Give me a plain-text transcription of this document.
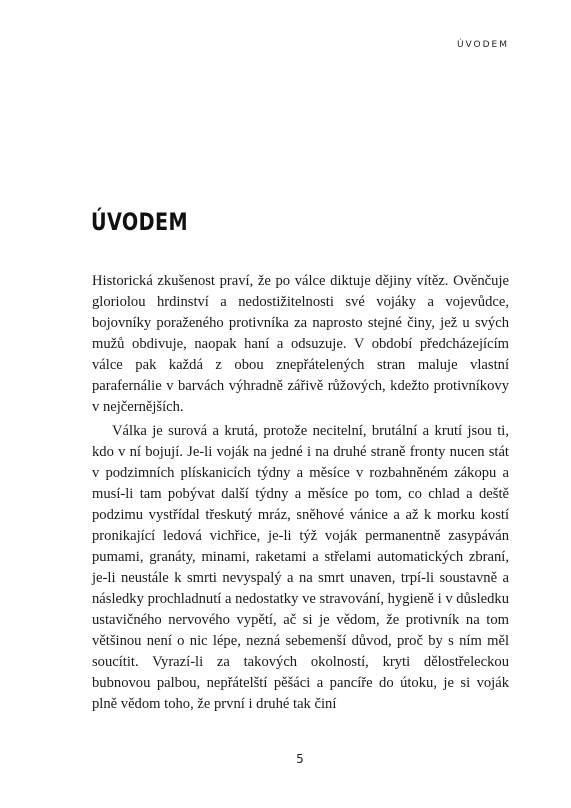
ÚVODEM
ÚVODEM

Historická zkušenost praví, že po válce diktuje dějiny vítěz. Ověnčuje gloriolou hrdinství a nedostižitelnosti své vojáky a vojevůdce, bojovníky poraženého protivníka za naprosto stejné činy, jež u svých mužů obdivuje, naopak haní a odsuzuje. V období předcházejícím válce pak každá z obou znepřátelených stran maluje vlastní parafernálie v barvách výhradně zářivě růžových, kdežto protivníkovy v nejčernějších.

Válka je surová a krutá, protože necitelní, brutální a krutí jsou ti, kdo v ní bojují. Je-li voják na jedné i na druhé straně fronty nucen stát v podzimních plískanicích týdny a měsíce v rozbahněném zákopu a musí-li tam pobývat další týdny a měsíce po tom, co chlad a deště podzimu vystřídal třeskutý mráz, sněhové vánice a až k morku kostí pronikající ledová vichřice, je-li týž voják permanentně zasypáván pumami, granáty, minami, raketami a střelami automatických zbraní, je-li neustále k smrti nevyspalý a na smrt unaven, trpí-li soustavně a následky prochladnutí a nedostatky ve stravování, hygieně i v důsledku ustavičného nervového vypětí, ač si je vědom, že protivník na tom většinou není o nic lépe, nezná sebemenší důvod, proč by s ním měl soucítit. Vyrazí-li za takových okolností, kryti dělostřeleckou bubnovou palbou, nepřátelští pěšáci a pancíře do útoku, je si voják plně vědom toho, že první i druhé tak činí

5
